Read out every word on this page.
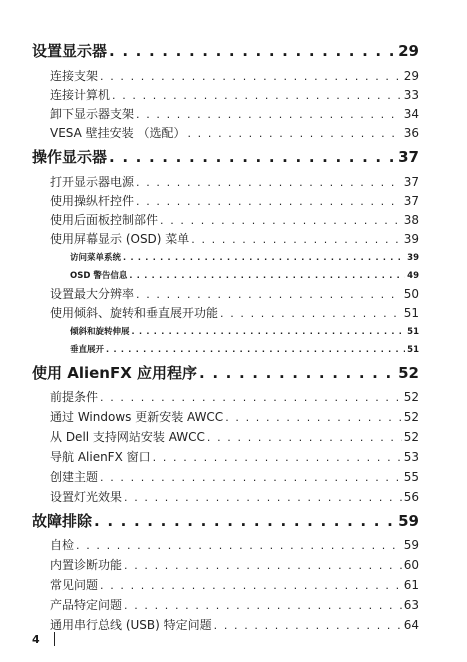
设置显示器 . . .	29
连接支架 . . .	29
连接计算机 . . .	33
卸下显示器支架 . . .	34
VESA 壁挂安装 （选配） . . .	36
操作显示器 . . .	37
打开显示器电源 . . .	37
使用操纵杆控件 . . .	37
使用后面板控制部件 . . .	38
使用屏幕显示 (OSD) 菜单 . . .	39
访问菜单系统 . . .	39
OSD 警告信息 . . .	49
设置最大分辨率 . . .	50
使用倾斜、旋转和垂直展开功能 . . .	51
倾斜和旋转伸展 . . .	51
垂直展开 . . .	51
使用 AlienFX 应用程序 . . .	52
前提条件 . . .	52
通过 Windows 更新安装 AWCC . . .	52
从 Dell 支持网站安装 AWCC . . .	52
导航 AlienFX 窗口 . . .	53
创建主题 . . .	55
设置灯光效果 . . .	56
故障排除 . . .	59
自检 . . .	59
内置诊断功能 . . .	60
常见问题 . . .	61
产品特定问题 . . .	63
通用串行总线 (USB) 特定问题 . . .	64
4
